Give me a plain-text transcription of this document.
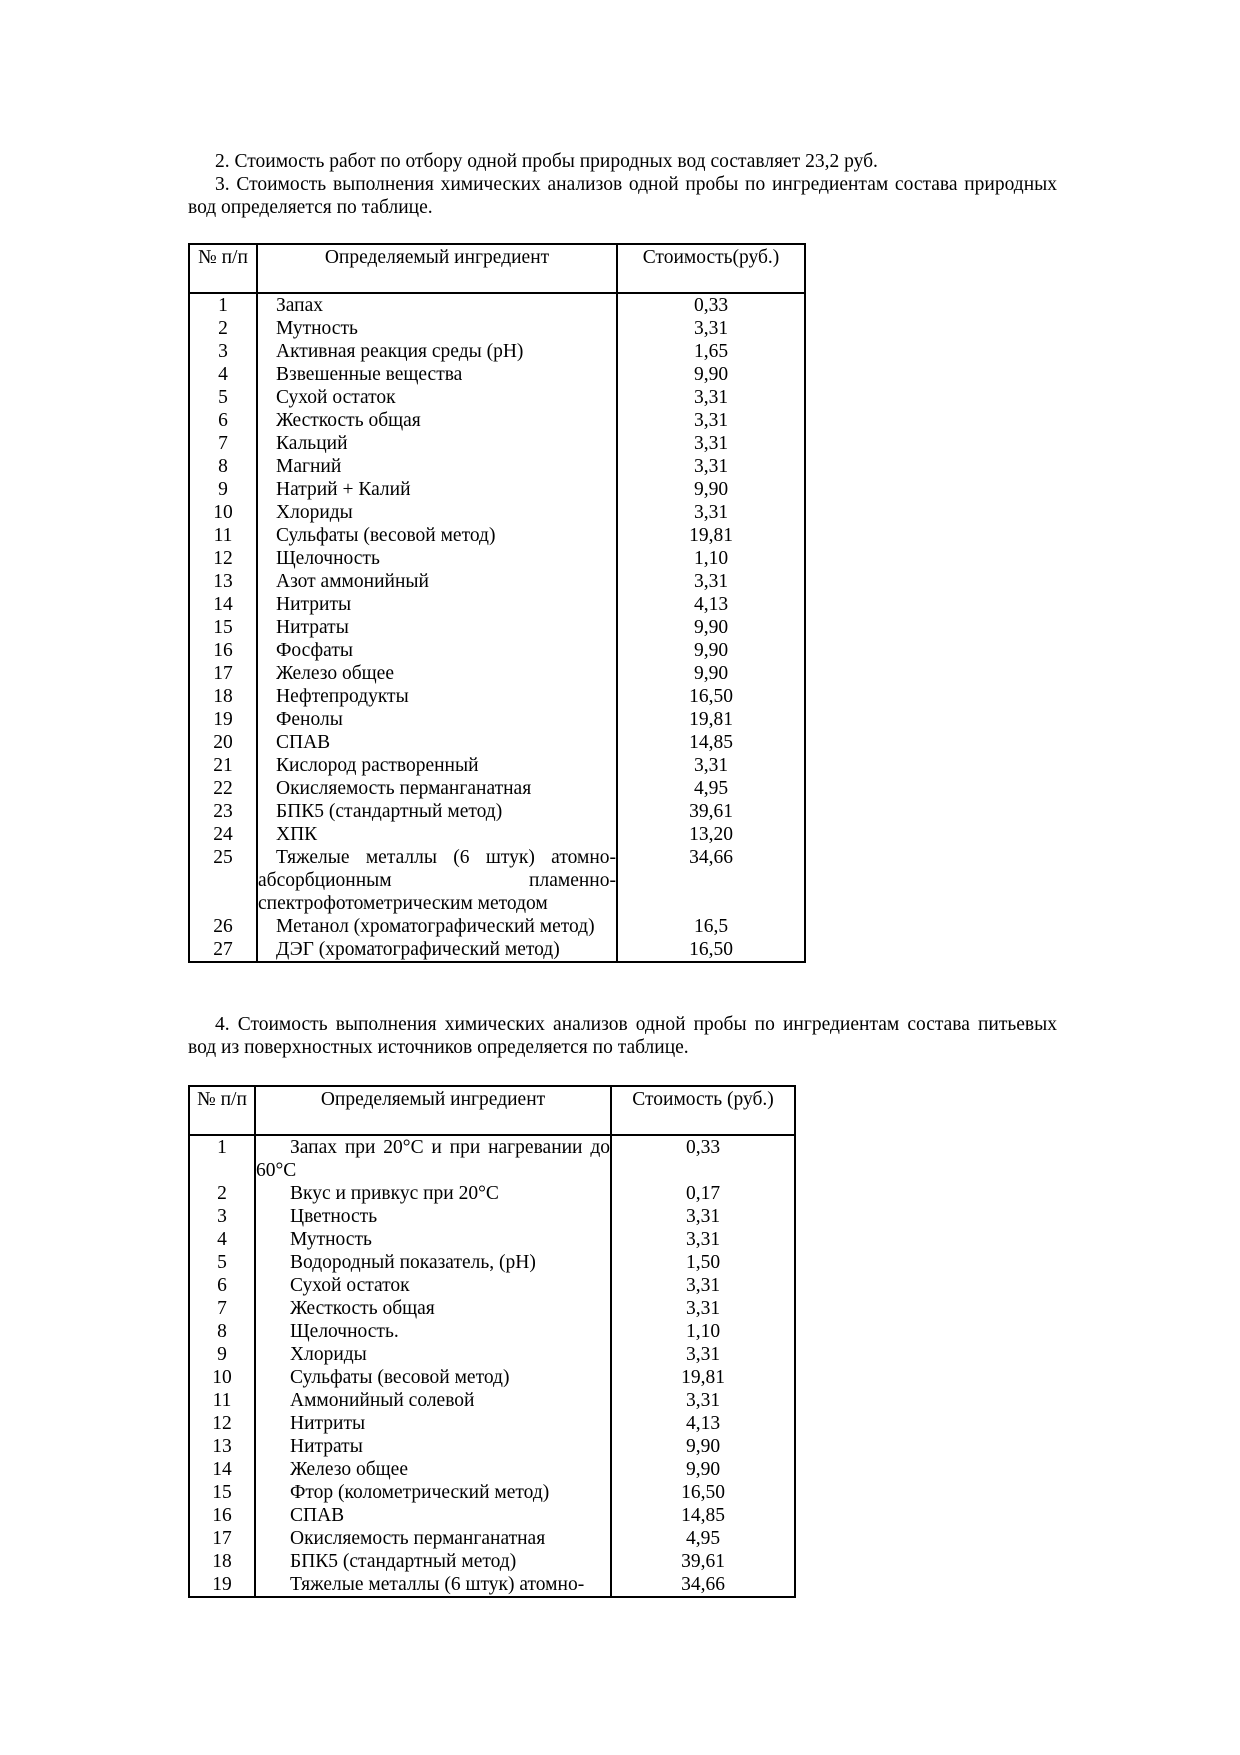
2. Стоимость работ по отбору одной пробы природных вод составляет 23,2 руб.

3. Стоимость выполнения химических анализов одной пробы по ингредиентам состава природных вод определяется по таблице.

№ п/п	Определяемый ингредиент	Стоимость(руб.)
1	Запах	0,33
2	Мутность	3,31
3	Активная реакция среды (pH)	1,65
4	Взвешенные вещества	9,90
5	Сухой остаток	3,31
6	Жесткость общая	3,31
7	Кальций	3,31
8	Магний	3,31
9	Натрий + Калий	9,90
10	Хлориды	3,31
11	Сульфаты (весовой метод)	19,81
12	Щелочность	1,10
13	Азот аммонийный	3,31
14	Нитриты	4,13
15	Нитраты	9,90
16	Фосфаты	9,90
17	Железо общее	9,90
18	Нефтепродукты	16,50
19	Фенолы	19,81
20	СПАВ	14,85
21	Кислород растворенный	3,31
22	Окисляемость перманганатная	4,95
23	БПК5 (стандартный метод)	39,61
24	ХПК	13,20
25	Тяжелые металлы (6 штук) атомно-абсорбционным пламенно-спектрофотометрическим методом	34,66
26	Метанол (хроматографический метод)	16,5
27	ДЭГ (хроматографический метод)	16,50

4. Стоимость выполнения химических анализов одной пробы по ингредиентам состава питьевых вод из поверхностных источников определяется по таблице.

№ п/п	Определяемый ингредиент	Стоимость (руб.)
1	Запах при 20°С и при нагревании до 60°С	0,33
2	Вкус и привкус при 20°С	0,17
3	Цветность	3,31
4	Мутность	3,31
5	Водородный показатель, (pH)	1,50
6	Сухой остаток	3,31
7	Жесткость общая	3,31
8	Щелочность.	1,10
9	Хлориды	3,31
10	Сульфаты (весовой метод)	19,81
11	Аммонийный солевой	3,31
12	Нитриты	4,13
13	Нитраты	9,90
14	Железо общее	9,90
15	Фтор (колометрический метод)	16,50
16	СПАВ	14,85
17	Окисляемость перманганатная	4,95
18	БПК5 (стандартный метод)	39,61
19	Тяжелые металлы (6 штук) атомно-	34,66
